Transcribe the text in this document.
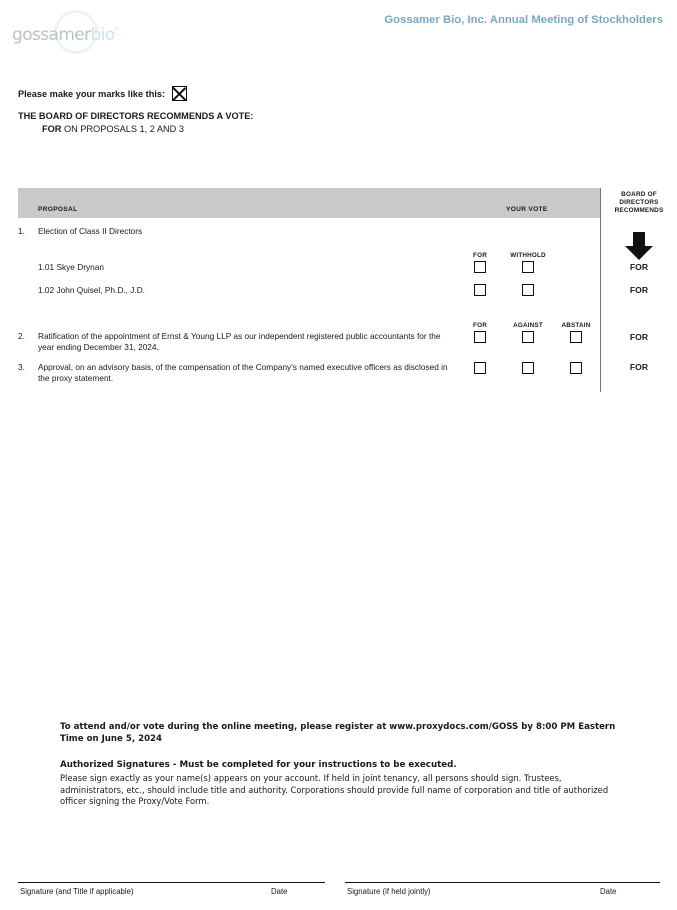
gossamerbio°
Gossamer Bio, Inc. Annual Meeting of Stockholders
Please make your marks like this:
THE BOARD OF DIRECTORS RECOMMENDS A VOTE:
FOR ON PROPOSALS 1, 2 AND 3
PROPOSAL	YOUR VOTE
BOARD OF
DIRECTORS
RECOMMENDS
1. Election of Class II Directors
FOR	WITHHOLD
1.01 Skye Drynan	FOR
1.02 John Quisel, Ph.D., J.D.	FOR
FOR	AGAINST	ABSTAIN
2. Ratification of the appointment of Ernst & Young LLP as our independent registered public accountants for the year ending December 31, 2024.
FOR
3. Approval, on an advisory basis, of the compensation of the Company's named executive officers as disclosed in the proxy statement.
FOR
To attend and/or vote during the online meeting, please register at www.proxydocs.com/GOSS by 8:00 PM Eastern Time on June 5, 2024
Authorized Signatures - Must be completed for your instructions to be executed.
Please sign exactly as your name(s) appears on your account. If held in joint tenancy, all persons should sign. Trustees, administrators, etc., should include title and authority. Corporations should provide full name of corporation and title of authorized officer signing the Proxy/Vote Form.
Signature (and Title if applicable)	Date	Signature (if held jointly)	Date
